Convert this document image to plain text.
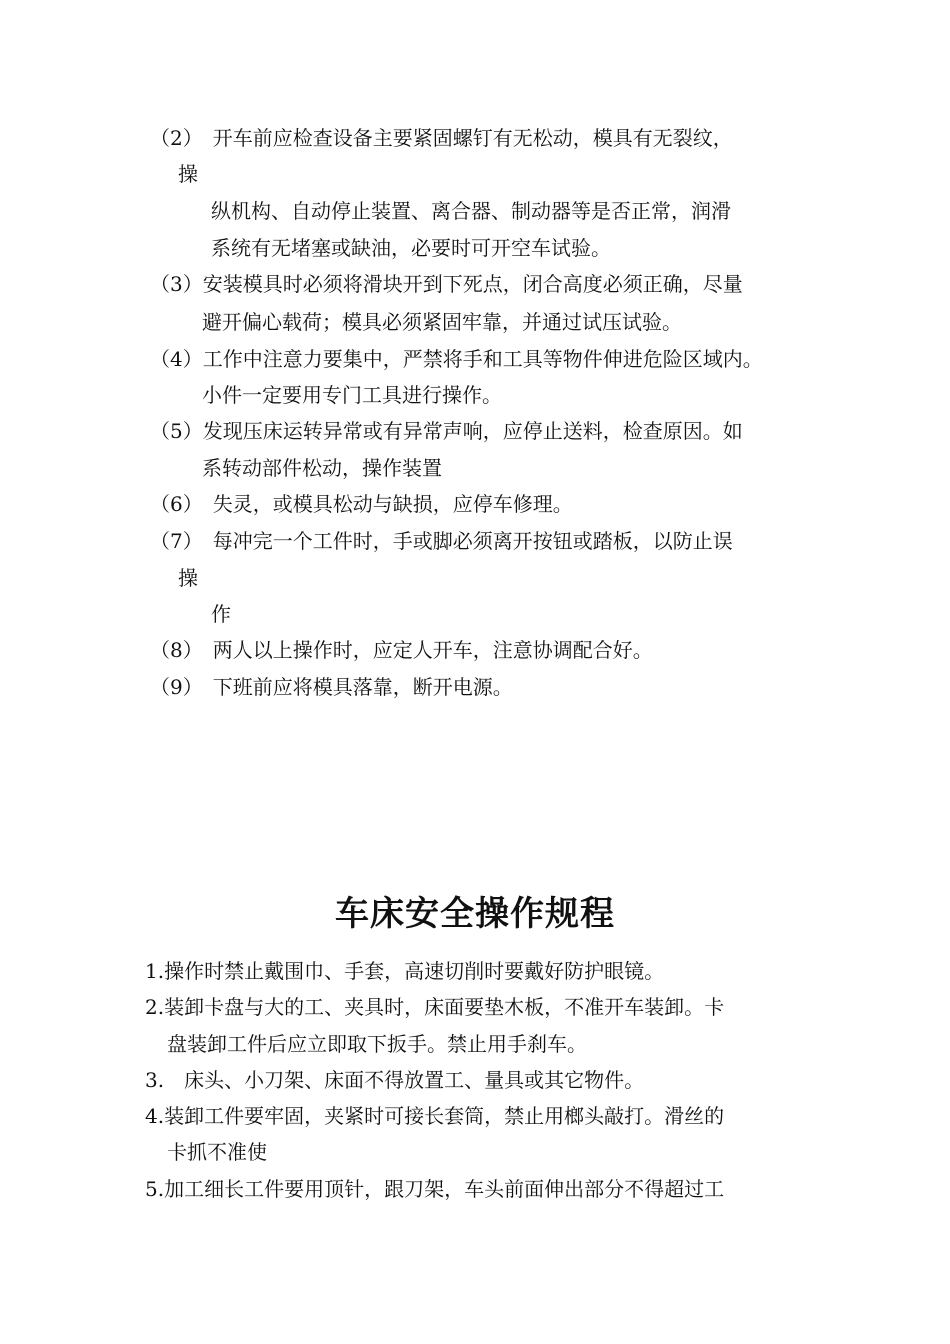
（2）　开车前应检查设备主要紧固螺钉有无松动，模具有无裂纹，
操
纵机构、自动停止装置、离合器、制动器等是否正常，润滑
系统有无堵塞或缺油，必要时可开空车试验。
（3）安装模具时必须将滑块开到下死点，闭合高度必须正确，尽量
避开偏心载荷；模具必须紧固牢靠，并通过试压试验。
（4）工作中注意力要集中，严禁将手和工具等物件伸进危险区域内。
小件一定要用专门工具进行操作。
（5）发现压床运转异常或有异常声响，应停止送料，检查原因。如
系转动部件松动，操作装置
（6）　失灵，或模具松动与缺损，应停车修理。
（7）　每冲完一个工件时，手或脚必须离开按钮或踏板，以防止误
操
作
（8）　两人以上操作时，应定人开车，注意协调配合好。
（9）　下班前应将模具落靠，断开电源。
车床安全操作规程
1.操作时禁止戴围巾、手套，高速切削时要戴好防护眼镜。
2.装卸卡盘与大的工、夹具时，床面要垫木板，不准开车装卸。卡
盘装卸工件后应立即取下扳手。禁止用手刹车。
3.　床头、小刀架、床面不得放置工、量具或其它物件。
4.装卸工件要牢固，夹紧时可接长套筒，禁止用榔头敲打。滑丝的
卡抓不准使
5.加工细长工件要用顶针，跟刀架，车头前面伸出部分不得超过工
